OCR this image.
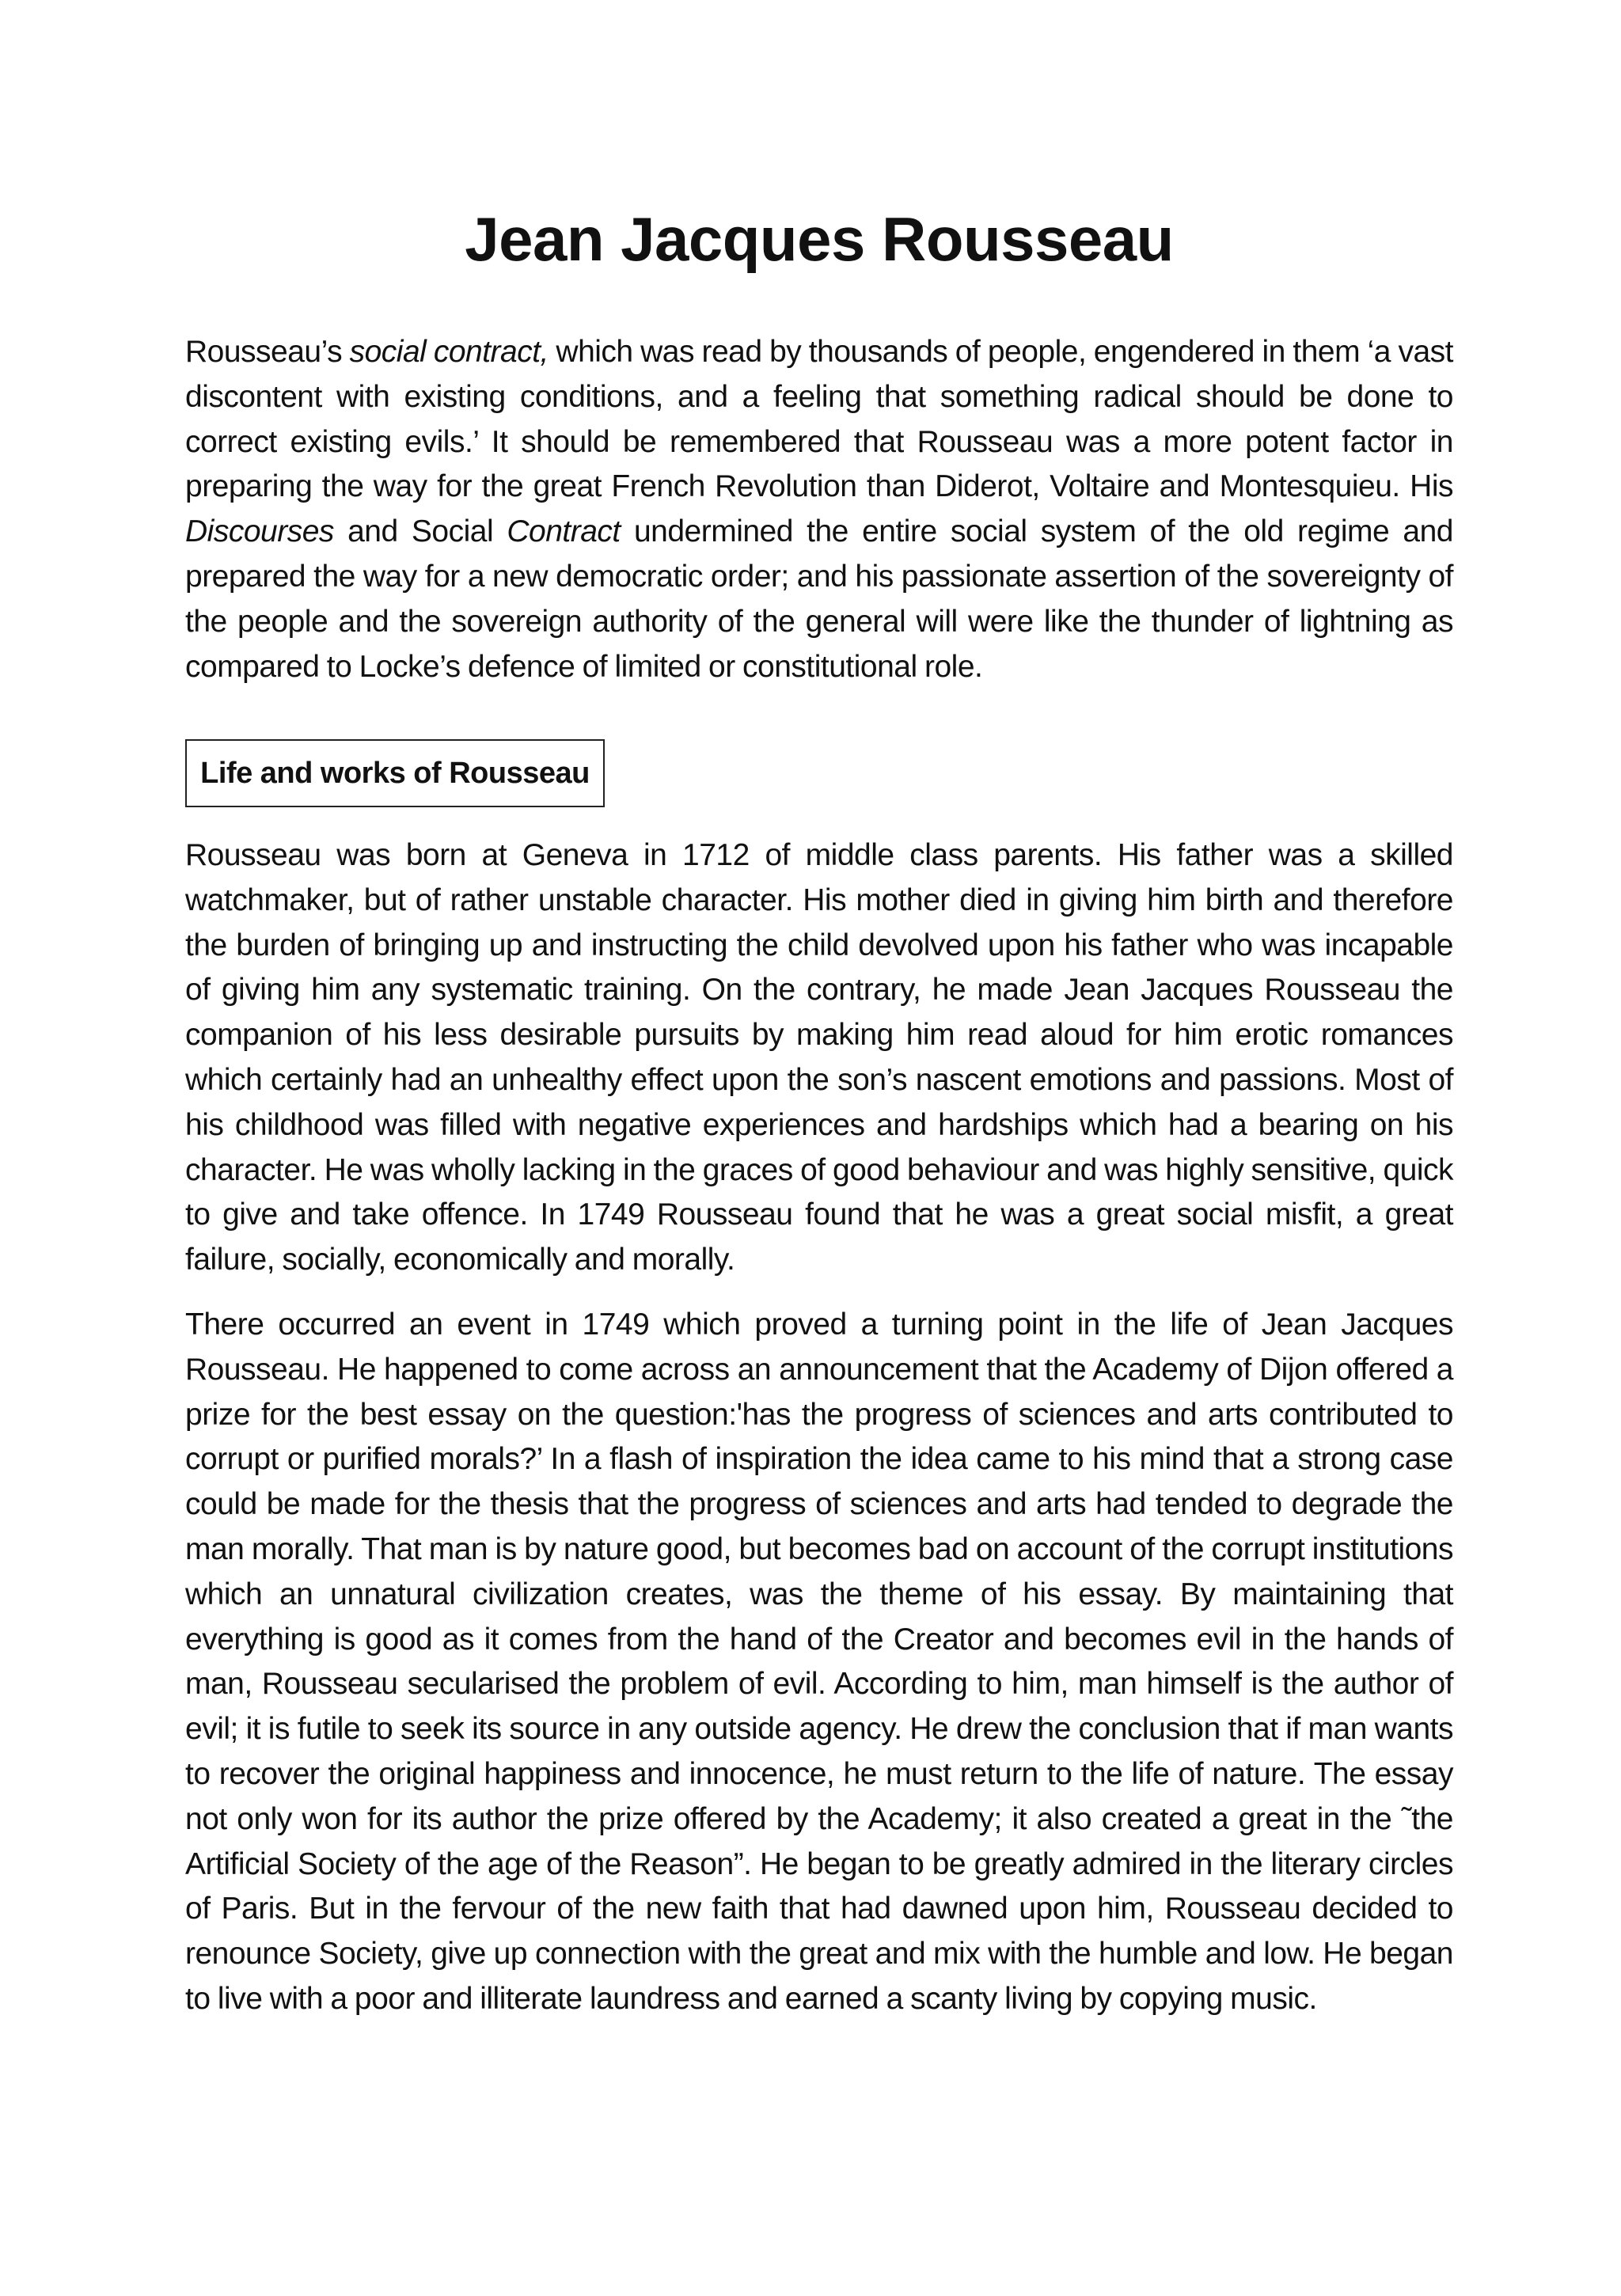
Jean Jacques Rousseau

Rousseau’s social contract, which was read by thousands of people, engendered in them ‘a vast discontent with existing conditions, and a feeling that something radical should be done to correct existing evils.’ It should be remembered that Rousseau was a more potent factor in preparing the way for the great French Revolution than Diderot, Voltaire and Montesquieu. His Discourses and Social Contract undermined the entire social system of the old regime and prepared the way for a new democratic order; and his passionate assertion of the sovereignty of the people and the sovereign authority of the general will were like the thunder of lightning as compared to Locke’s defence of limited or constitutional role.

Life and works of Rousseau

Rousseau was born at Geneva in 1712 of middle class parents. His father was a skilled watchmaker, but of rather unstable character. His mother died in giving him birth and therefore the burden of bringing up and instructing the child devolved upon his father who was incapable of giving him any systematic training. On the contrary, he made Jean Jacques Rousseau the companion of his less desirable pursuits by making him read aloud for him erotic romances which certainly had an unhealthy effect upon the son’s nascent emotions and passions. Most of his childhood was filled with negative experiences and hardships which had a bearing on his character. He was wholly lacking in the graces of good behaviour and was highly sensitive, quick to give and take offence. In 1749 Rousseau found that he was a great social misfit, a great failure, socially, economically and morally.

There occurred an event in 1749 which proved a turning point in the life of Jean Jacques Rousseau. He happened to come across an announcement that the Academy of Dijon offered a prize for the best essay on the question:'has the progress of sciences and arts contributed to corrupt or purified morals?’ In a flash of inspiration the idea came to his mind that a strong case could be made for the thesis that the progress of sciences and arts had tended to degrade the man morally. That man is by nature good, but becomes bad on account of the corrupt institutions which an unnatural civilization creates, was the theme of his essay. By maintaining that everything is good as it comes from the hand of the Creator and becomes evil in the hands of man, Rousseau secularised the problem of evil. According to him, man himself is the author of evil; it is futile to seek its source in any outside agency. He drew the conclusion that if man wants to recover the original happiness and innocence, he must return to the life of nature. The essay not only won for its author the prize offered by the Academy; it also created a great in the ˜the Artificial Society of the age of the Reason”. He began to be greatly admired in the literary circles of Paris. But in the fervour of the new faith that had dawned upon him, Rousseau decided to renounce Society, give up connection with the great and mix with the humble and low. He began to live with a poor and illiterate laundress and earned a scanty living by copying music.
